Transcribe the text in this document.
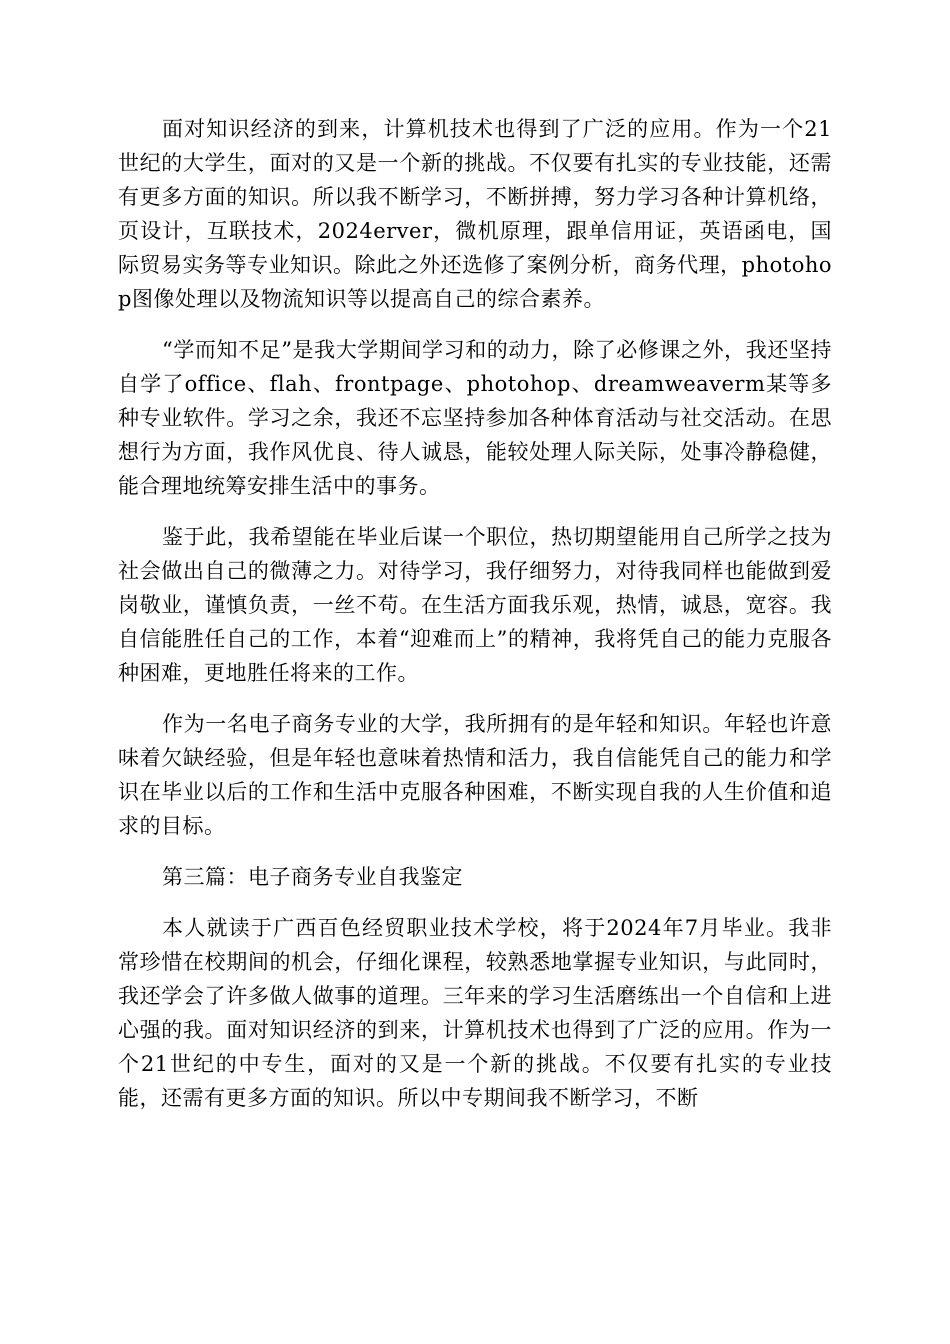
面对知识经济的到来，计算机技术也得到了广泛的应用。作为一个21世纪的大学生，面对的又是一个新的挑战。不仅要有扎实的专业技能，还需有更多方面的知识。所以我不断学习，不断拼搏，努力学习各种计算机络，页设计，互联技术，2024erver，微机原理，跟单信用证，英语函电，国际贸易实务等专业知识。除此之外还选修了案例分析，商务代理，photohop图像处理以及物流知识等以提高自己的综合素养。

“学而知不足”是我大学期间学习和的动力，除了必修课之外，我还坚持自学了office、flah、frontpage、photohop、dreamweaverm某等多种专业软件。学习之余，我还不忘坚持参加各种体育活动与社交活动。在思想行为方面，我作风优良、待人诚恳，能较处理人际关际，处事冷静稳健，能合理地统筹安排生活中的事务。

鉴于此，我希望能在毕业后谋一个职位，热切期望能用自己所学之技为社会做出自己的微薄之力。对待学习，我仔细努力，对待我同样也能做到爱岗敬业，谨慎负责，一丝不苟。在生活方面我乐观，热情，诚恳，宽容。我自信能胜任自己的工作，本着“迎难而上”的精神，我将凭自己的能力克服各种困难，更地胜任将来的工作。

作为一名电子商务专业的大学，我所拥有的是年轻和知识。年轻也许意味着欠缺经验，但是年轻也意味着热情和活力，我自信能凭自己的能力和学识在毕业以后的工作和生活中克服各种困难，不断实现自我的人生价值和追求的目标。

第三篇：电子商务专业自我鉴定

本人就读于广西百色经贸职业技术学校，将于2024年7月毕业。我非常珍惜在校期间的机会，仔细化课程，较熟悉地掌握专业知识，与此同时，我还学会了许多做人做事的道理。三年来的学习生活磨练出一个自信和上进心强的我。面对知识经济的到来，计算机技术也得到了广泛的应用。作为一个21世纪的中专生，面对的又是一个新的挑战。不仅要有扎实的专业技能，还需有更多方面的知识。所以中专期间我不断学习，不断
